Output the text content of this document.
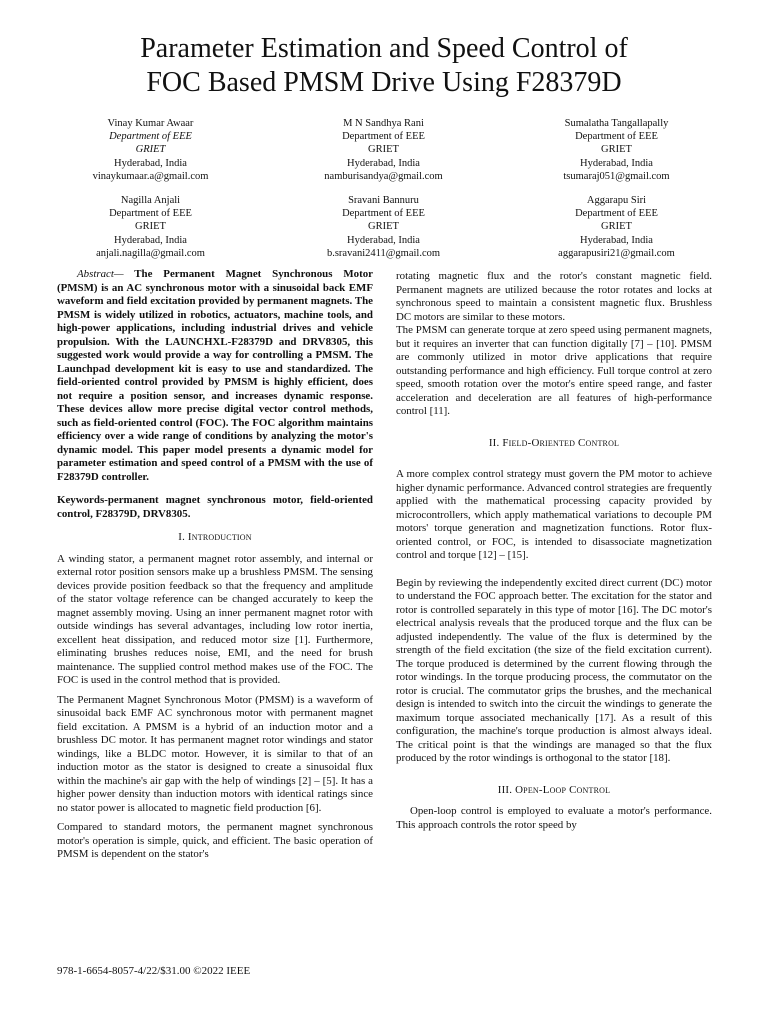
Parameter Estimation and Speed Control of
FOC Based PMSM Drive Using F28379D
Vinay Kumar Awaar
Department of EEE
GRIET
Hyderabad, India
vinaykumaar.a@gmail.com
M N Sandhya Rani
Department of EEE
GRIET
Hyderabad, India
namburisandya@gmail.com
Sumalatha Tangallapally
Department of EEE
GRIET
Hyderabad, India
tsumaraj051@gmail.com
Nagilla Anjali
Department of EEE
GRIET
Hyderabad, India
anjali.nagilla@gmail.com
Sravani Bannuru
Department of EEE
GRIET
Hyderabad, India
b.sravani2411@gmail.com
Aggarapu Siri
Department of EEE
GRIET
Hyderabad, India
aggarapusiri21@gmail.com

Abstract— The Permanent Magnet Synchronous Motor (PMSM) is an AC synchronous motor with a sinusoidal back EMF waveform and field excitation provided by permanent magnets. The PMSM is widely utilized in robotics, actuators, machine tools, and high-power applications, including industrial drives and vehicle propulsion. With the LAUNCHXL-F28379D and DRV8305, this suggested work would provide a way for controlling a PMSM. The Launchpad development kit is easy to use and standardized. The field-oriented control provided by PMSM is highly efficient, does not require a position sensor, and increases dynamic response. These devices allow more precise digital vector control methods, such as field-oriented control (FOC). The FOC algorithm maintains efficiency over a wide range of conditions by analyzing the motor's dynamic model. This paper model presents a dynamic model for parameter estimation and speed control of a PMSM with the use of F28379D controller.

Keywords-permanent magnet synchronous motor, field-oriented control, F28379D, DRV8305.

I. Introduction

A winding stator, a permanent magnet rotor assembly, and internal or external rotor position sensors make up a brushless PMSM. The sensing devices provide position feedback so that the frequency and amplitude of the stator voltage reference can be changed accurately to keep the magnet assembly moving. Using an inner permanent magnet rotor with outside windings has several advantages, including low rotor inertia, excellent heat dissipation, and reduced motor size [1]. Furthermore, eliminating brushes reduces noise, EMI, and the need for brush maintenance. The supplied control method makes use of the FOC. The FOC is used in the control method that is provided.

The Permanent Magnet Synchronous Motor (PMSM) is a waveform of sinusoidal back EMF AC synchronous motor with permanent magnet field excitation. A PMSM is a hybrid of an induction motor and a brushless DC motor. It has permanent magnet rotor windings and stator windings, like a BLDC motor. However, it is similar to that of an induction motor as the stator is designed to create a sinusoidal flux within the machine's air gap with the help of windings [2] – [5]. It has a higher power density than induction motors with identical ratings since no stator power is allocated to magnetic field production [6].

Compared to standard motors, the permanent magnet synchronous motor's operation is simple, quick, and efficient. The basic operation of PMSM is dependent on the stator's

rotating magnetic flux and the rotor's constant magnetic field. Permanent magnets are utilized because the rotor rotates and locks at synchronous speed to maintain a consistent magnetic flux. Brushless DC motors are similar to these motors.

The PMSM can generate torque at zero speed using permanent magnets, but it requires an inverter that can function digitally [7] – [10]. PMSM are commonly utilized in motor drive applications that require outstanding performance and high efficiency. Full torque control at zero speed, smooth rotation over the motor's entire speed range, and faster acceleration and deceleration are all features of high-performance control [11].

II. Field-Oriented Control

A more complex control strategy must govern the PM motor to achieve higher dynamic performance. Advanced control strategies are frequently applied with the mathematical processing capacity provided by microcontrollers, which apply mathematical variations to decouple PM motors' torque generation and magnetization functions. Rotor flux-oriented control, or FOC, is intended to disassociate magnetization control and torque [12] – [15].

Begin by reviewing the independently excited direct current (DC) motor to understand the FOC approach better. The excitation for the stator and rotor is controlled separately in this type of motor [16]. The DC motor's electrical analysis reveals that the produced torque and the flux can be adjusted independently. The value of the flux is determined by the strength of the field excitation (the size of the field excitation current). The torque produced is determined by the current flowing through the rotor windings. In the torque producing process, the commutator on the rotor is crucial. The commutator grips the brushes, and the mechanical design is intended to switch into the circuit the windings to generate the maximum torque associated mechanically [17]. As a result of this configuration, the machine's torque production is almost always ideal. The critical point is that the windings are managed so that the flux produced by the rotor windings is orthogonal to the stator [18].

III. Open-Loop Control

Open-loop control is employed to evaluate a motor's performance. This approach controls the rotor speed by

978-1-6654-8057-4/22/$31.00 ©2022 IEEE
